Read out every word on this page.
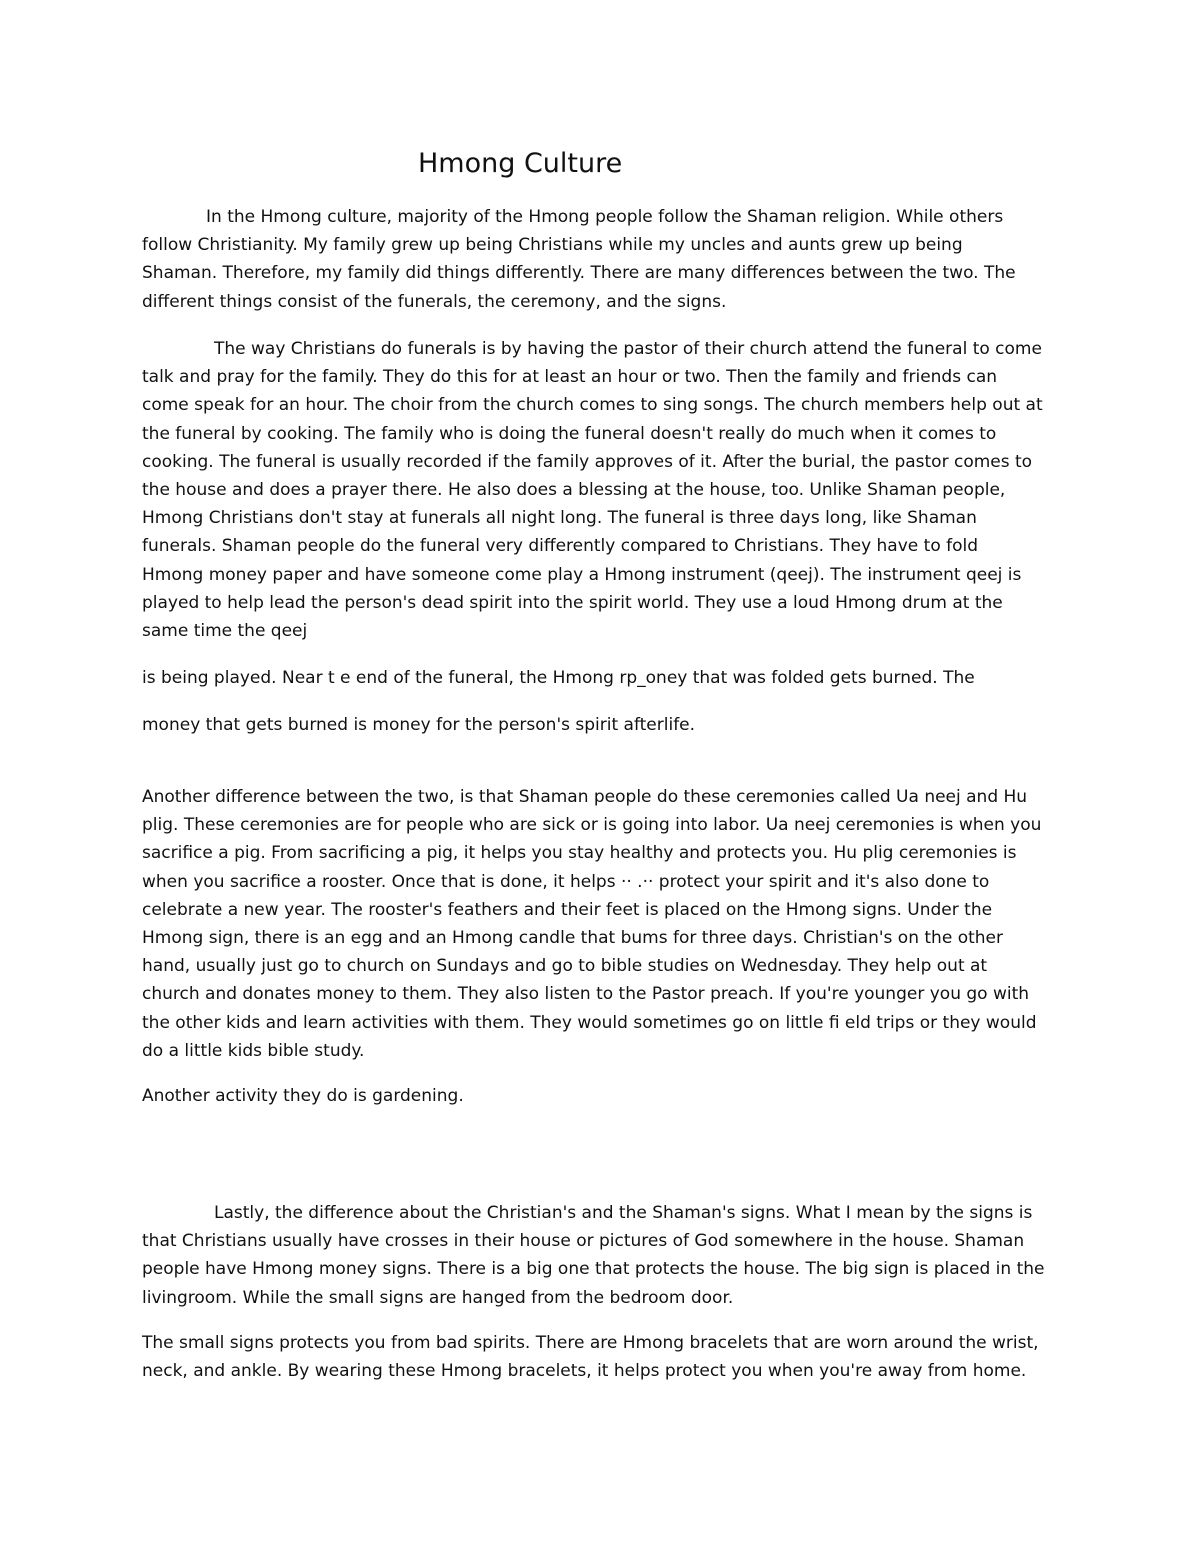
Hmong Culture

In the Hmong culture, majority of the Hmong people follow the Shaman religion. While others
follow Christianity. My family grew up being Christians while my uncles and aunts grew up being
Shaman. Therefore, my family did things differently. There are many differences between the two. The
different things consist of the funerals, the ceremony, and the signs.

The way Christians do funerals is by having the pastor of their church attend the funeral to come
talk and pray for the family. They do this for at least an hour or two. Then the family and friends can
come speak for an hour. The choir from the church comes to sing songs. The church members help out at
the funeral by cooking. The family who is doing the funeral doesn't really do much when it comes to
cooking. The funeral is usually recorded if the family approves of it. After the burial, the pastor comes to
the house and does a prayer there. He also does a blessing at the house, too. Unlike Shaman people,
Hmong Christians don't stay at funerals all night long. The funeral is three days long, like Shaman
funerals. Shaman people do the funeral very differently compared to Christians. They have to fold
Hmong money paper and have someone come play a Hmong instrument (qeej). The instrument qeej is
played to help lead the person's dead spirit into the spirit world. They use a loud Hmong drum at the
same time the qeej

is being played. Near t e end of the funeral, the Hmong rp_oney that was folded gets burned. The

money that gets burned is money for the person's spirit afterlife.

Another difference between the two, is that Shaman people do these ceremonies called Ua neej and Hu
plig. These ceremonies are for people who are sick or is going into labor. Ua neej ceremonies is when you
sacrifice a pig. From sacrificing a pig, it helps you stay healthy and protects you. Hu plig ceremonies is
when you sacrifice a rooster. Once that is done, it helps ·· .·· protect your spirit and it's also done to
celebrate a new year. The rooster's feathers and their feet is placed on the Hmong signs. Under the
Hmong sign, there is an egg and an Hmong candle that bums for three days. Christian's on the other
hand, usually just go to church on Sundays and go to bible studies on Wednesday. They help out at
church and donates money to them. They also listen to the Pastor preach. If you're younger you go with
the other kids and learn activities with them. They would sometimes go on little fi eld trips or they would
do a little kids bible study.

Another activity they do is gardening.

Lastly, the difference about the Christian's and the Shaman's signs. What I mean by the signs is
that Christians usually have crosses in their house or pictures of God somewhere in the house. Shaman
people have Hmong money signs. There is a big one that protects the house. The big sign is placed in the
livingroom. While the small signs are hanged from the bedroom door.

The small signs protects you from bad spirits. There are Hmong bracelets that are worn around the wrist,
neck, and ankle. By wearing these Hmong bracelets, it helps protect you when you're away from home.
